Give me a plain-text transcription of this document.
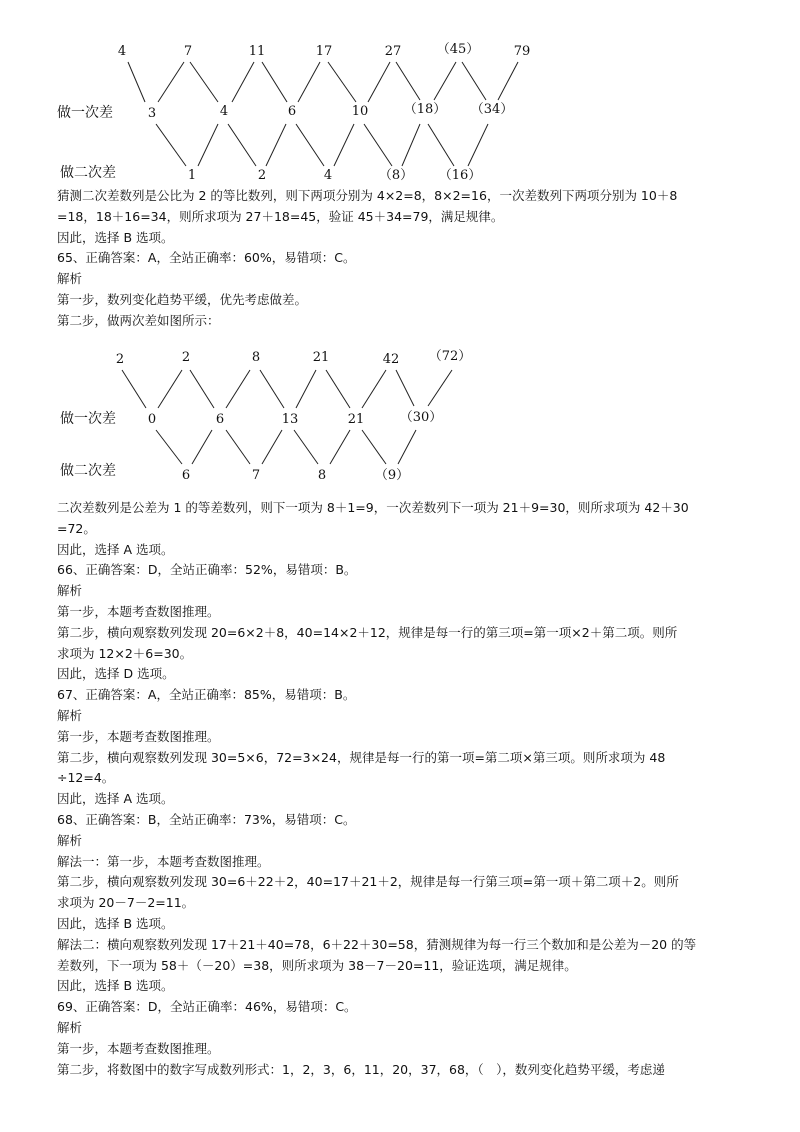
4	7	11	17	27	（45）	79
做一次差	3	4	6	10	（18） （34）
做二次差	1	2	4	（8） （16）
猜测二次差数列是公比为 2 的等比数列，则下两项分别为 4×2=8，8×2=16，一次差数列下两项分别为 10＋8
=18，18＋16=34，则所求项为 27＋18=45，验证 45＋34=79，满足规律。
因此，选择 B 选项。
65、正确答案：A，全站正确率：60%，易错项：C。
解析
第一步，数列变化趋势平缓，优先考虑做差。
第二步，做两次差如图所示：
2	2	8	21	42 （72）
做一次差 0	6	13	21	（30）
做二次差	6	7	8	（9）
二次差数列是公差为 1 的等差数列，则下一项为 8＋1=9，一次差数列下一项为 21＋9=30，则所求项为 42＋30
=72。
因此，选择 A 选项。
66、正确答案：D，全站正确率：52%，易错项：B。
解析
第一步，本题考查数图推理。
第二步，横向观察数列发现 20=6×2＋8，40=14×2＋12，规律是每一行的第三项=第一项×2＋第二项。则所
求项为 12×2＋6=30。
因此，选择 D 选项。
67、正确答案：A，全站正确率：85%，易错项：B。
解析
第一步，本题考查数图推理。
第二步，横向观察数列发现 30=5×6，72=3×24，规律是每一行的第一项=第二项×第三项。则所求项为 48
÷12=4。
因此，选择 A 选项。
68、正确答案：B，全站正确率：73%，易错项：C。
解析
解法一：第一步，本题考查数图推理。
第二步，横向观察数列发现 30=6＋22＋2，40=17＋21＋2，规律是每一行第三项=第一项＋第二项＋2。则所
求项为 20－7－2=11。
因此，选择 B 选项。
解法二：横向观察数列发现 17＋21＋40=78，6＋22＋30=58，猜测规律为每一行三个数加和是公差为－20 的等
差数列，下一项为 58＋（－20）=38，则所求项为 38－7－20=11，验证选项，满足规律。
因此，选择 B 选项。
69、正确答案：D，全站正确率：46%，易错项：C。
解析
第一步，本题考查数图推理。
第二步，将数图中的数字写成数列形式：1，2，3，6，11，20，37，68，（　），数列变化趋势平缓，考虑递
